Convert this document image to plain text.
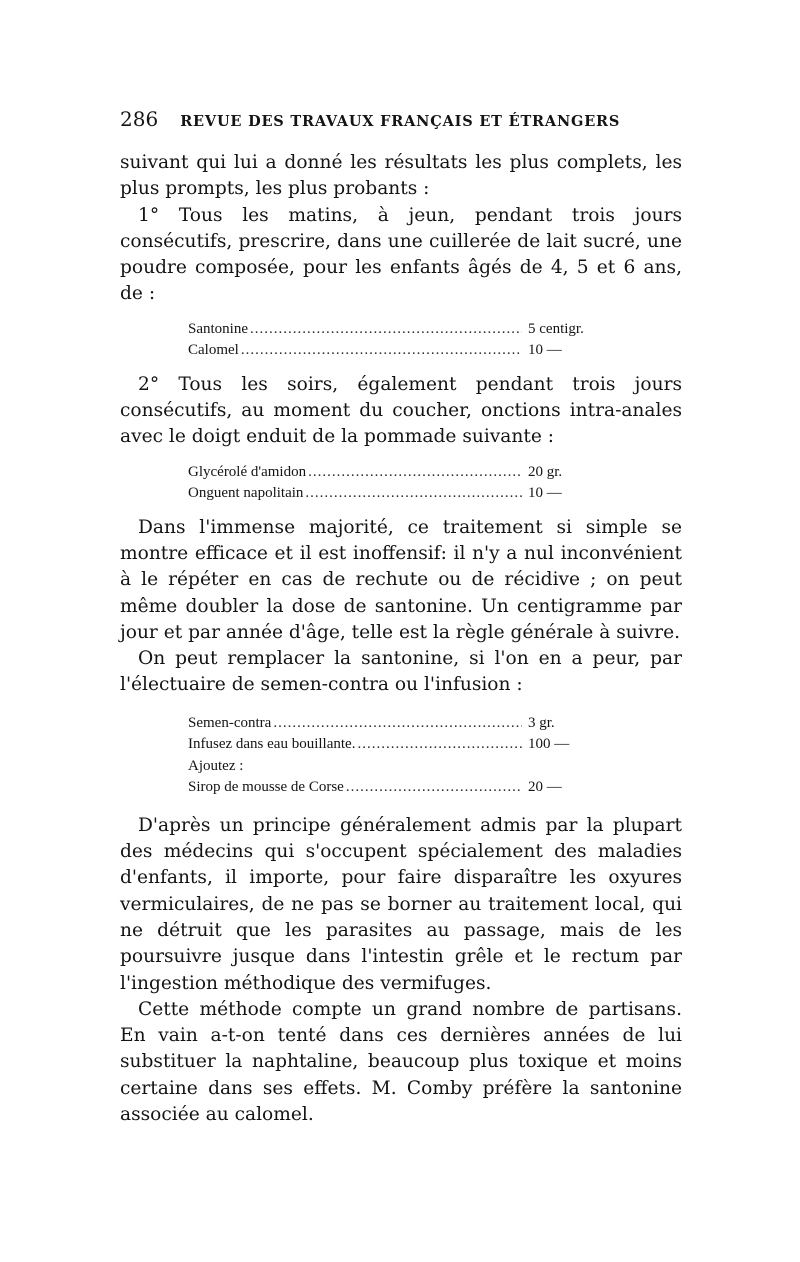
286 REVUE DES TRAVAUX FRANÇAIS ET ÉTRANGERS

suivant qui lui a donné les résultats les plus complets, les plus prompts, les plus probants :

1° Tous les matins, à jeun, pendant trois jours consécutifs, prescrire, dans une cuillerée de lait sucré, une poudre composée, pour les enfants âgés de 4, 5 et 6 ans, de :

Santonine .....	5 centigr.
Calomel .....	10 —

2° Tous les soirs, également pendant trois jours consécutifs, au moment du coucher, onctions intra-anales avec le doigt enduit de la pommade suivante :

Glycérolé d'amidon .....	20 gr.
Onguent napolitain .....	10 —

Dans l'immense majorité, ce traitement si simple se montre efficace et il est inoffensif: il n'y a nul inconvénient à le répéter en cas de rechute ou de récidive ; on peut même doubler la dose de santonine. Un centigramme par jour et par année d'âge, telle est la règle générale à suivre.

On peut remplacer la santonine, si l'on en a peur, par l'électuaire de semen-contra ou l'infusion :

Semen-contra .....	3 gr.
Infusez dans eau bouillante. .....	100 —
Ajoutez :
Sirop de mousse de Corse .....	20 —

D'après un principe généralement admis par la plupart des médecins qui s'occupent spécialement des maladies d'enfants, il importe, pour faire disparaître les oxyures vermiculaires, de ne pas se borner au traitement local, qui ne détruit que les parasites au passage, mais de les poursuivre jusque dans l'intestin grêle et le rectum par l'ingestion méthodique des vermifuges.

Cette méthode compte un grand nombre de partisans. En vain a-t-on tenté dans ces dernières années de lui substituer la naphtaline, beaucoup plus toxique et moins certaine dans ses effets. M. Comby préfère la santonine associée au calomel.
